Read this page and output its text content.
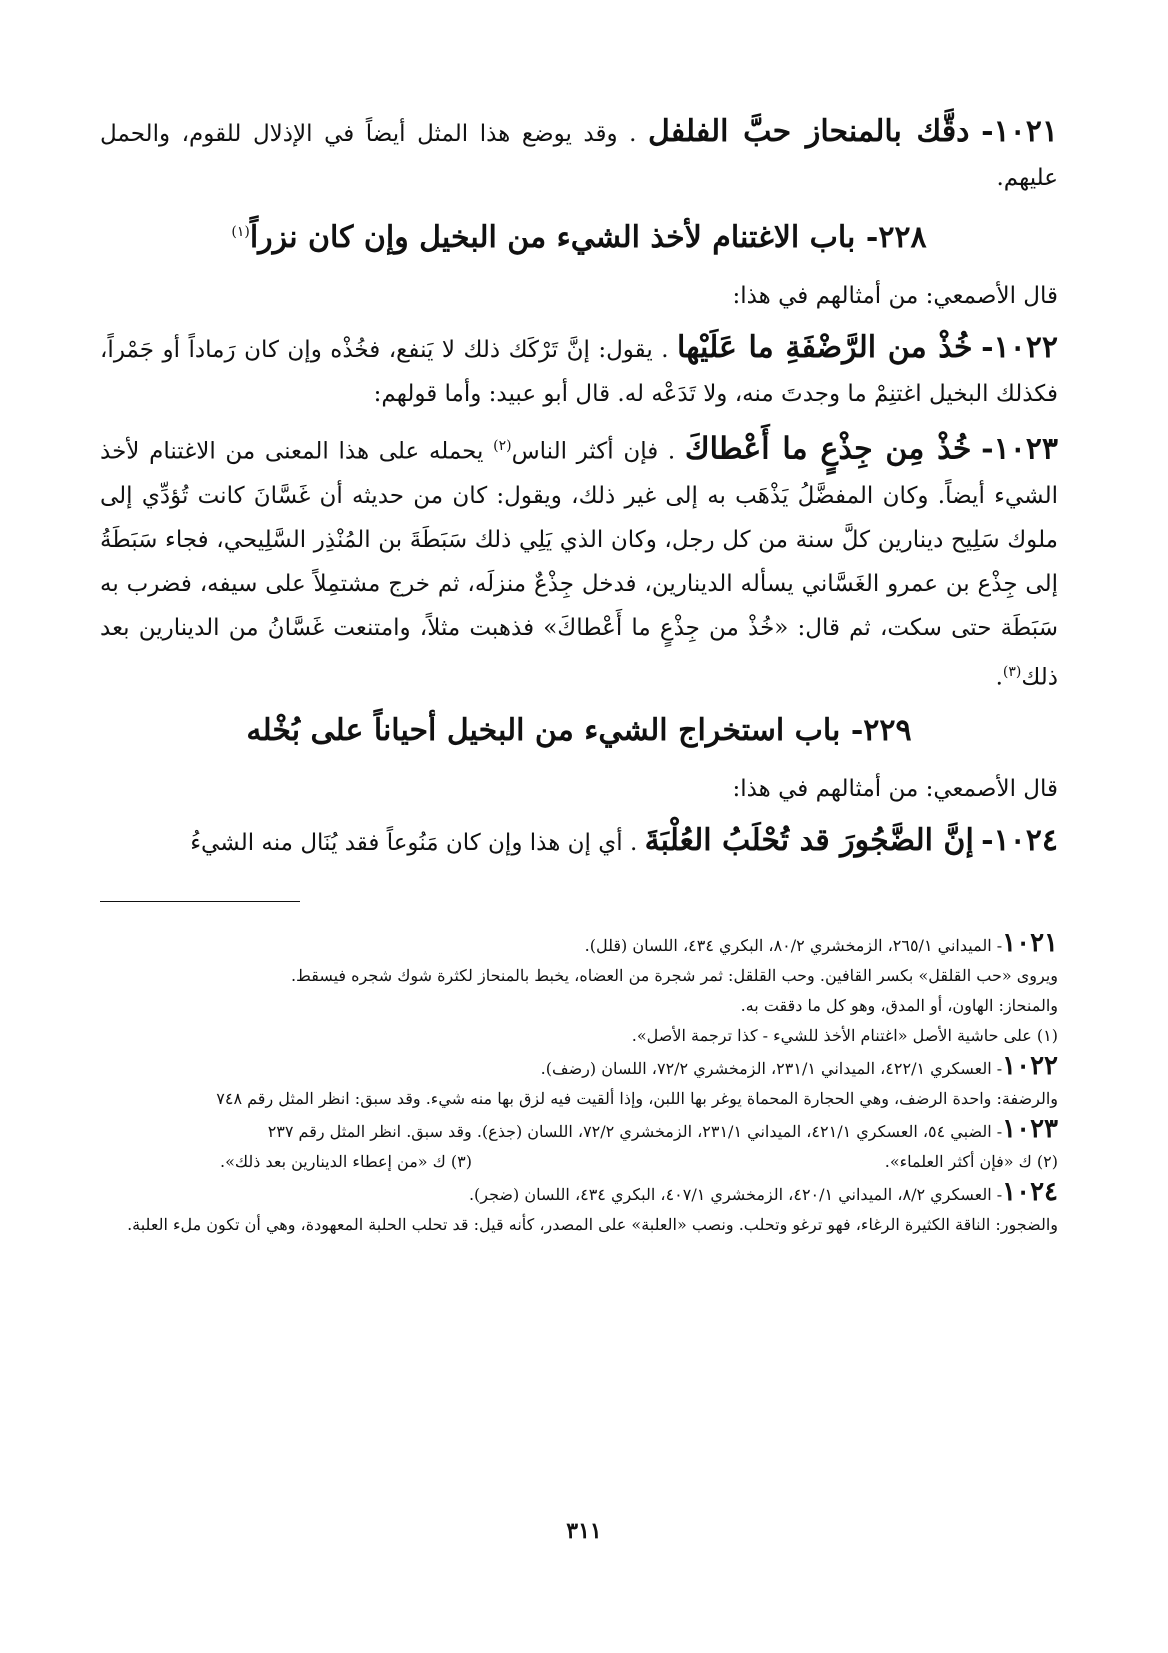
١٠٢١- دقَّك بالمنحاز حبَّ الفلفل . وقد يوضع هذا المثل أيضاً في الإذلال للقوم، والحمل عليهم.

٢٢٨- باب الاغتنام لأخذ الشيء من البخيل وإن كان نزراً$^{(١)}$

قال الأصمعي: من أمثالهم في هذا:

١٠٢٢- خُذْ من الرَّضْفَةِ ما عَلَيْها . يقول: إنَّ تَرْكَك ذلك لا يَنفع، فخُذْه وإن كان رَماداً أو جَمْراً، فكذلك البخيل اغتنِمْ ما وجدتَ منه، ولا تَدَعْه له. قال أبو عبيد: وأما قولهم:

١٠٢٣- خُذْ مِن جِذْعٍ ما أَعْطاكَ . فإن أكثر الناس$^{(٢)}$ يحمله على هذا المعنى من الاغتنام لأخذ الشيء أيضاً. وكان المفضَّلُ يَذْهَب به إلى غير ذلك، ويقول: كان من حديثه أن غَسَّانَ كانت تُؤدِّي إلى ملوك سَلِيح دينارين كلَّ سنة من كل رجل، وكان الذي يَلِي ذلك سَبَطَةَ بن المُنْذِر السَّلِيحي، فجاء سَبَطَةُ إلى جِذْع بن عمرو الغَسَّاني يسأله الدينارين، فدخل جِذْعٌ منزلَه، ثم خرج مشتمِلاً على سيفه، فضرب به سَبَطَة حتى سكت، ثم قال: «خُذْ من جِذْعٍ ما أَعْطاكَ» فذهبت مثلاً، وامتنعت غَسَّانُ من الدينارين بعد ذلك$^{(٣)}$.

٢٢٩- باب استخراج الشيء من البخيل أحياناً على بُخْله

قال الأصمعي: من أمثالهم في هذا:

١٠٢٤- إنَّ الضَّجُورَ قد تُحْلَبُ العُلْبَةَ . أي إن هذا وإن كان مَنُوعاً فقد يُنَال منه الشيءُ

١٠٢١- الميداني ٢٦٥/١، الزمخشري ٨٠/٢، البكري ٤٣٤، اللسان (قلل).

ويروى «حب القلقل» بكسر القافين. وحب القلقل: ثمر شجرة من العضاه، يخبط بالمنحاز لكثرة شوك شجره فيسقط.

والمنحاز: الهاون، أو المدق، وهو كل ما دققت به.

(١) على حاشية الأصل «اغتنام الأخذ للشيء - كذا ترجمة الأصل».

١٠٢٢- العسكري ٤٢٢/١، الميداني ٢٣١/١، الزمخشري ٧٢/٢، اللسان (رضف).

والرضفة: واحدة الرضف، وهي الحجارة المحماة يوغر بها اللبن، وإذا ألقيت فيه لزق بها منه شيء. وقد سبق: انظر المثل رقم ٧٤٨

١٠٢٣- الضبي ٥٤، العسكري ٤٢١/١، الميداني ٢٣١/١، الزمخشري ٧٢/٢، اللسان (جذع). وقد سبق. انظر المثل رقم ٢٣٧

(٢) ك «فإن أكثر العلماء».
(٣) ك «من إعطاء الدينارين بعد ذلك».

١٠٢٤- العسكري ٨/٢، الميداني ٤٢٠/١، الزمخشري ٤٠٧/١، البكري ٤٣٤، اللسان (ضجر).

والضجور: الناقة الكثيرة الرغاء، فهو ترغو وتحلب. ونصب «العلبة» على المصدر، كأنه قيل: قد تحلب الحلبة المعهودة، وهي أن تكون ملء العلبة.

٣١١
